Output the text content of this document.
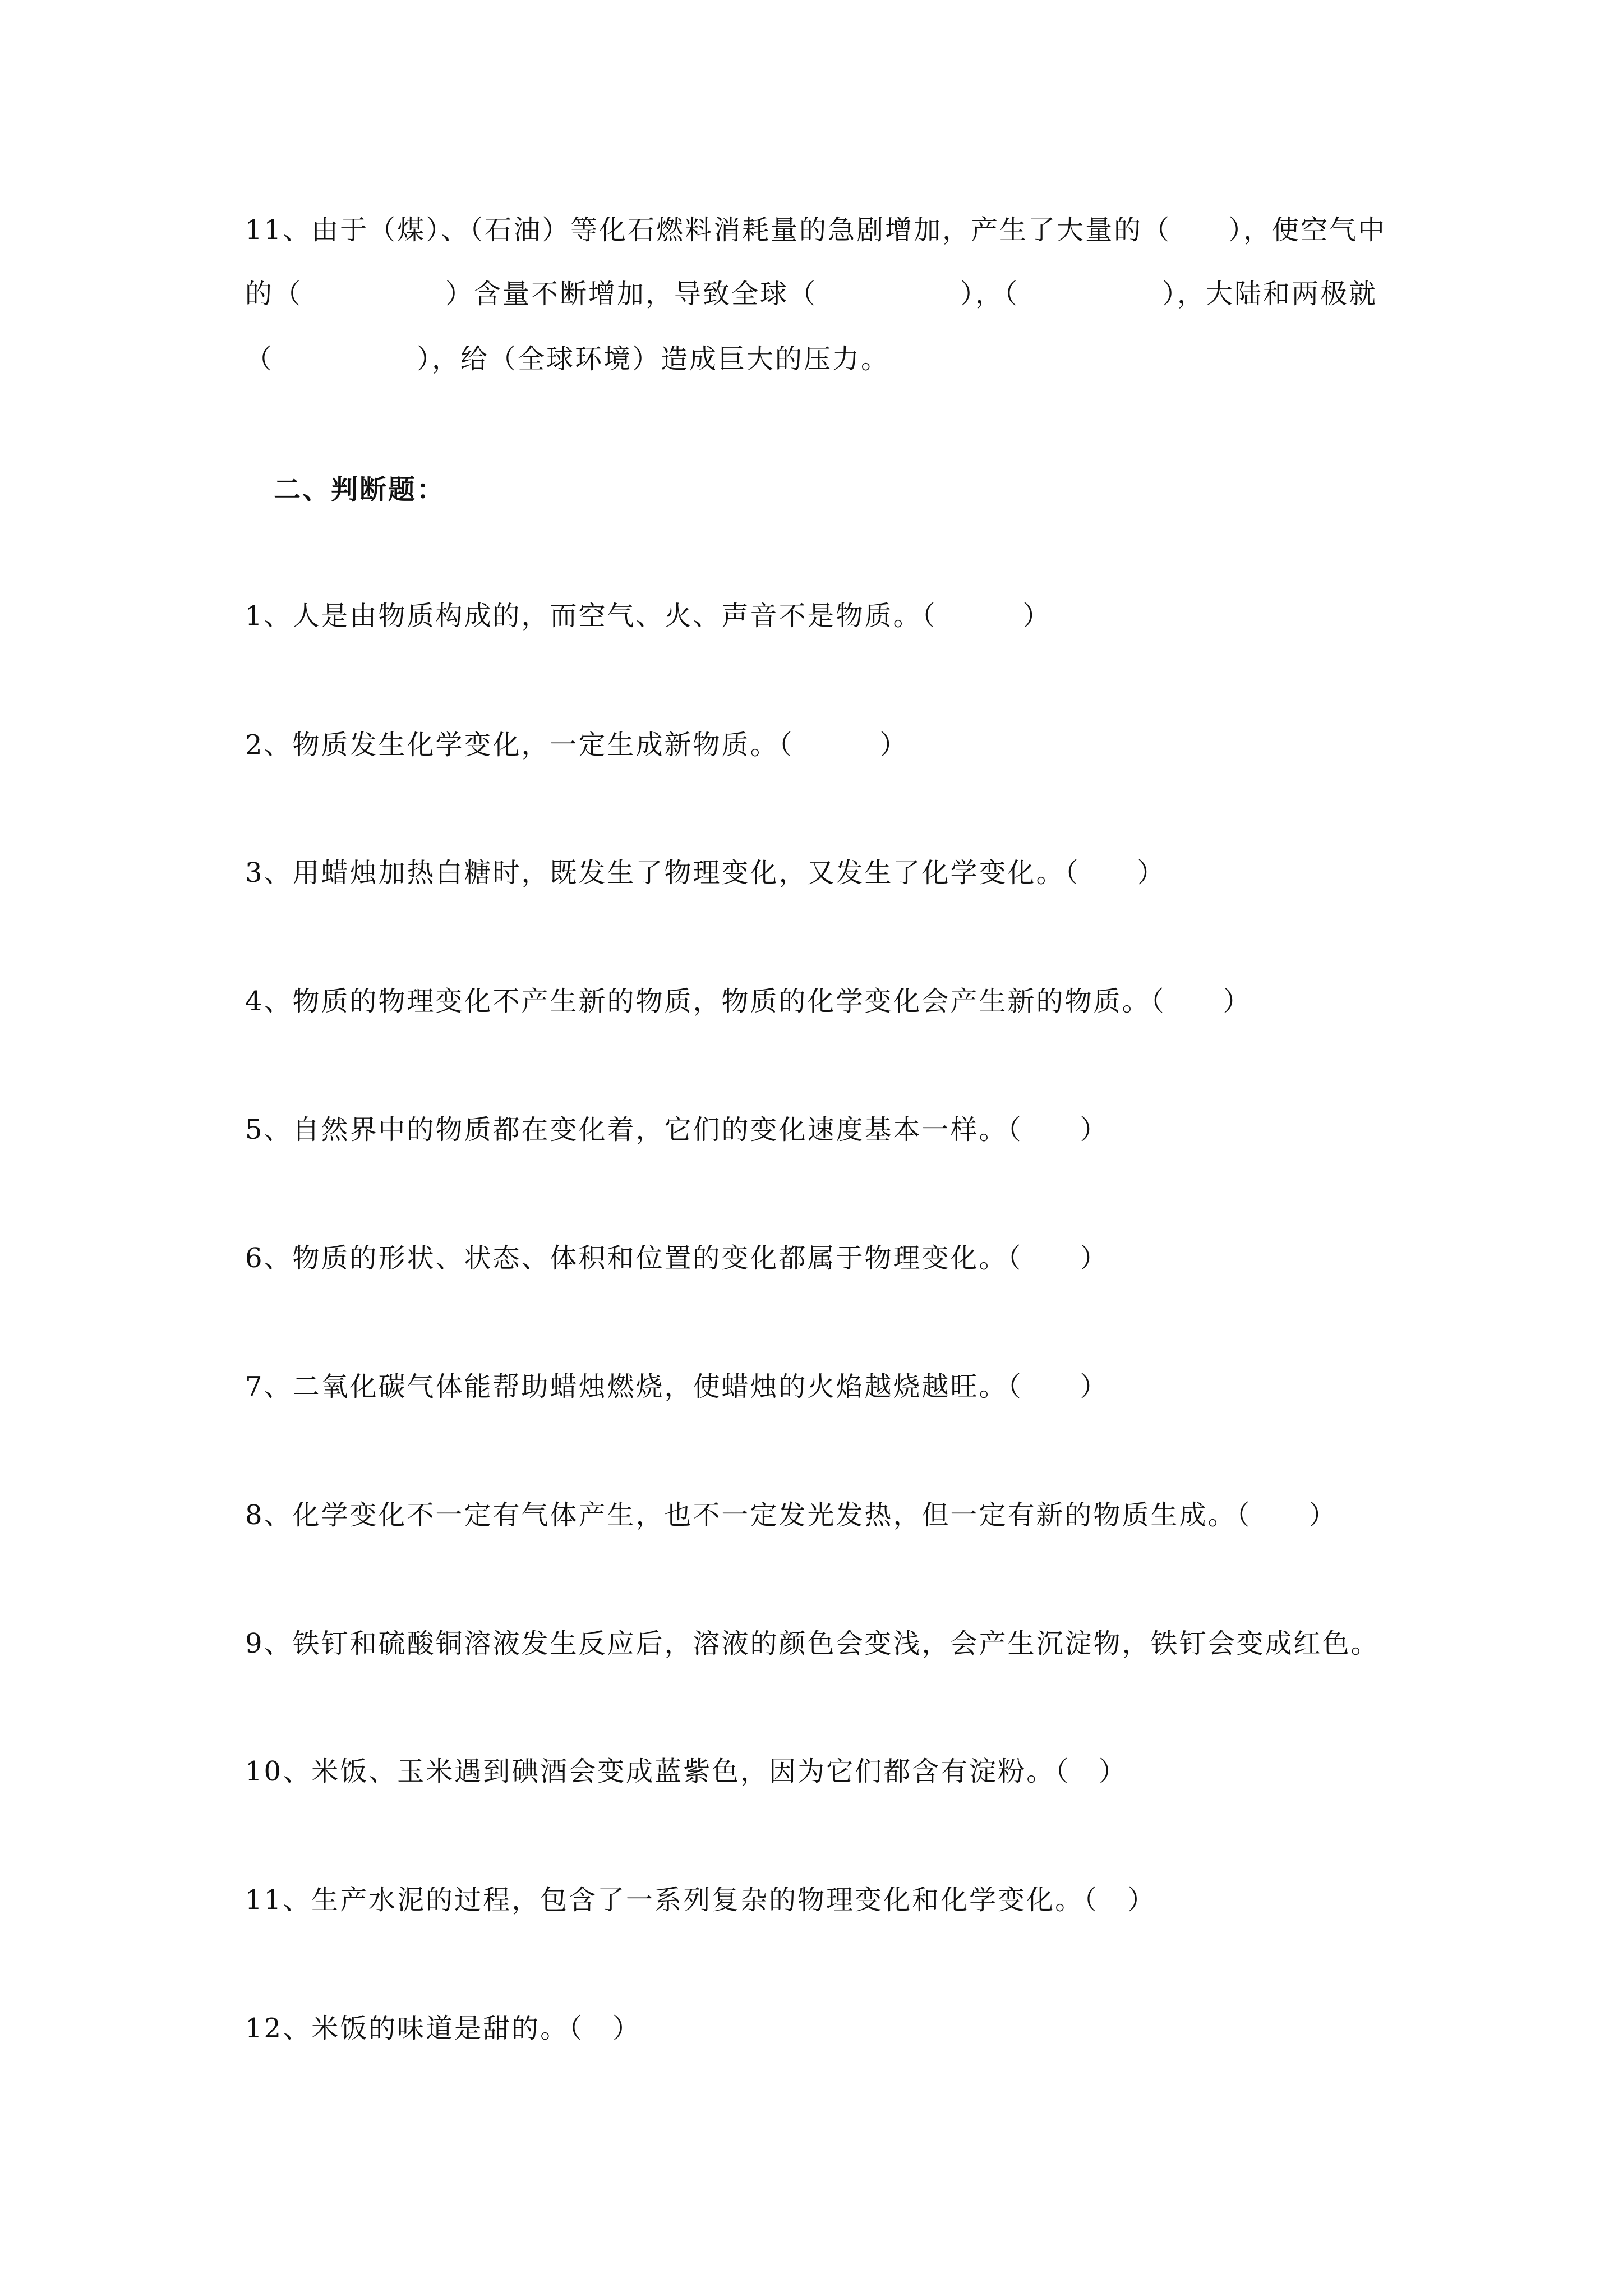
11、由于（煤）、（石油）等化石燃料消耗量的急剧增加，产生了大量的（　　），使空气中
的（　　　　　）含量不断增加，导致全球（　　　　　），（　　　　　），大陆和两极就
（　　　　　），给（全球环境）造成巨大的压力。
二、判断题：
1、人是由物质构成的，而空气、火、声音不是物质。（　　　）
2、物质发生化学变化，一定生成新物质。（　　　）
3、用蜡烛加热白糖时，既发生了物理变化，又发生了化学变化。（　　）
4、物质的物理变化不产生新的物质，物质的化学变化会产生新的物质。（　　）
5、自然界中的物质都在变化着，它们的变化速度基本一样。（　　）
6、物质的形状、状态、体积和位置的变化都属于物理变化。（　　）
7、二氧化碳气体能帮助蜡烛燃烧，使蜡烛的火焰越烧越旺。（　　）
8、化学变化不一定有气体产生，也不一定发光发热，但一定有新的物质生成。（　　）
9、铁钉和硫酸铜溶液发生反应后，溶液的颜色会变浅，会产生沉淀物，铁钉会变成红色。
10、米饭、玉米遇到碘酒会变成蓝紫色，因为它们都含有淀粉。（　）
11、生产水泥的过程，包含了一系列复杂的物理变化和化学变化。（　）
12、米饭的味道是甜的。（　）
